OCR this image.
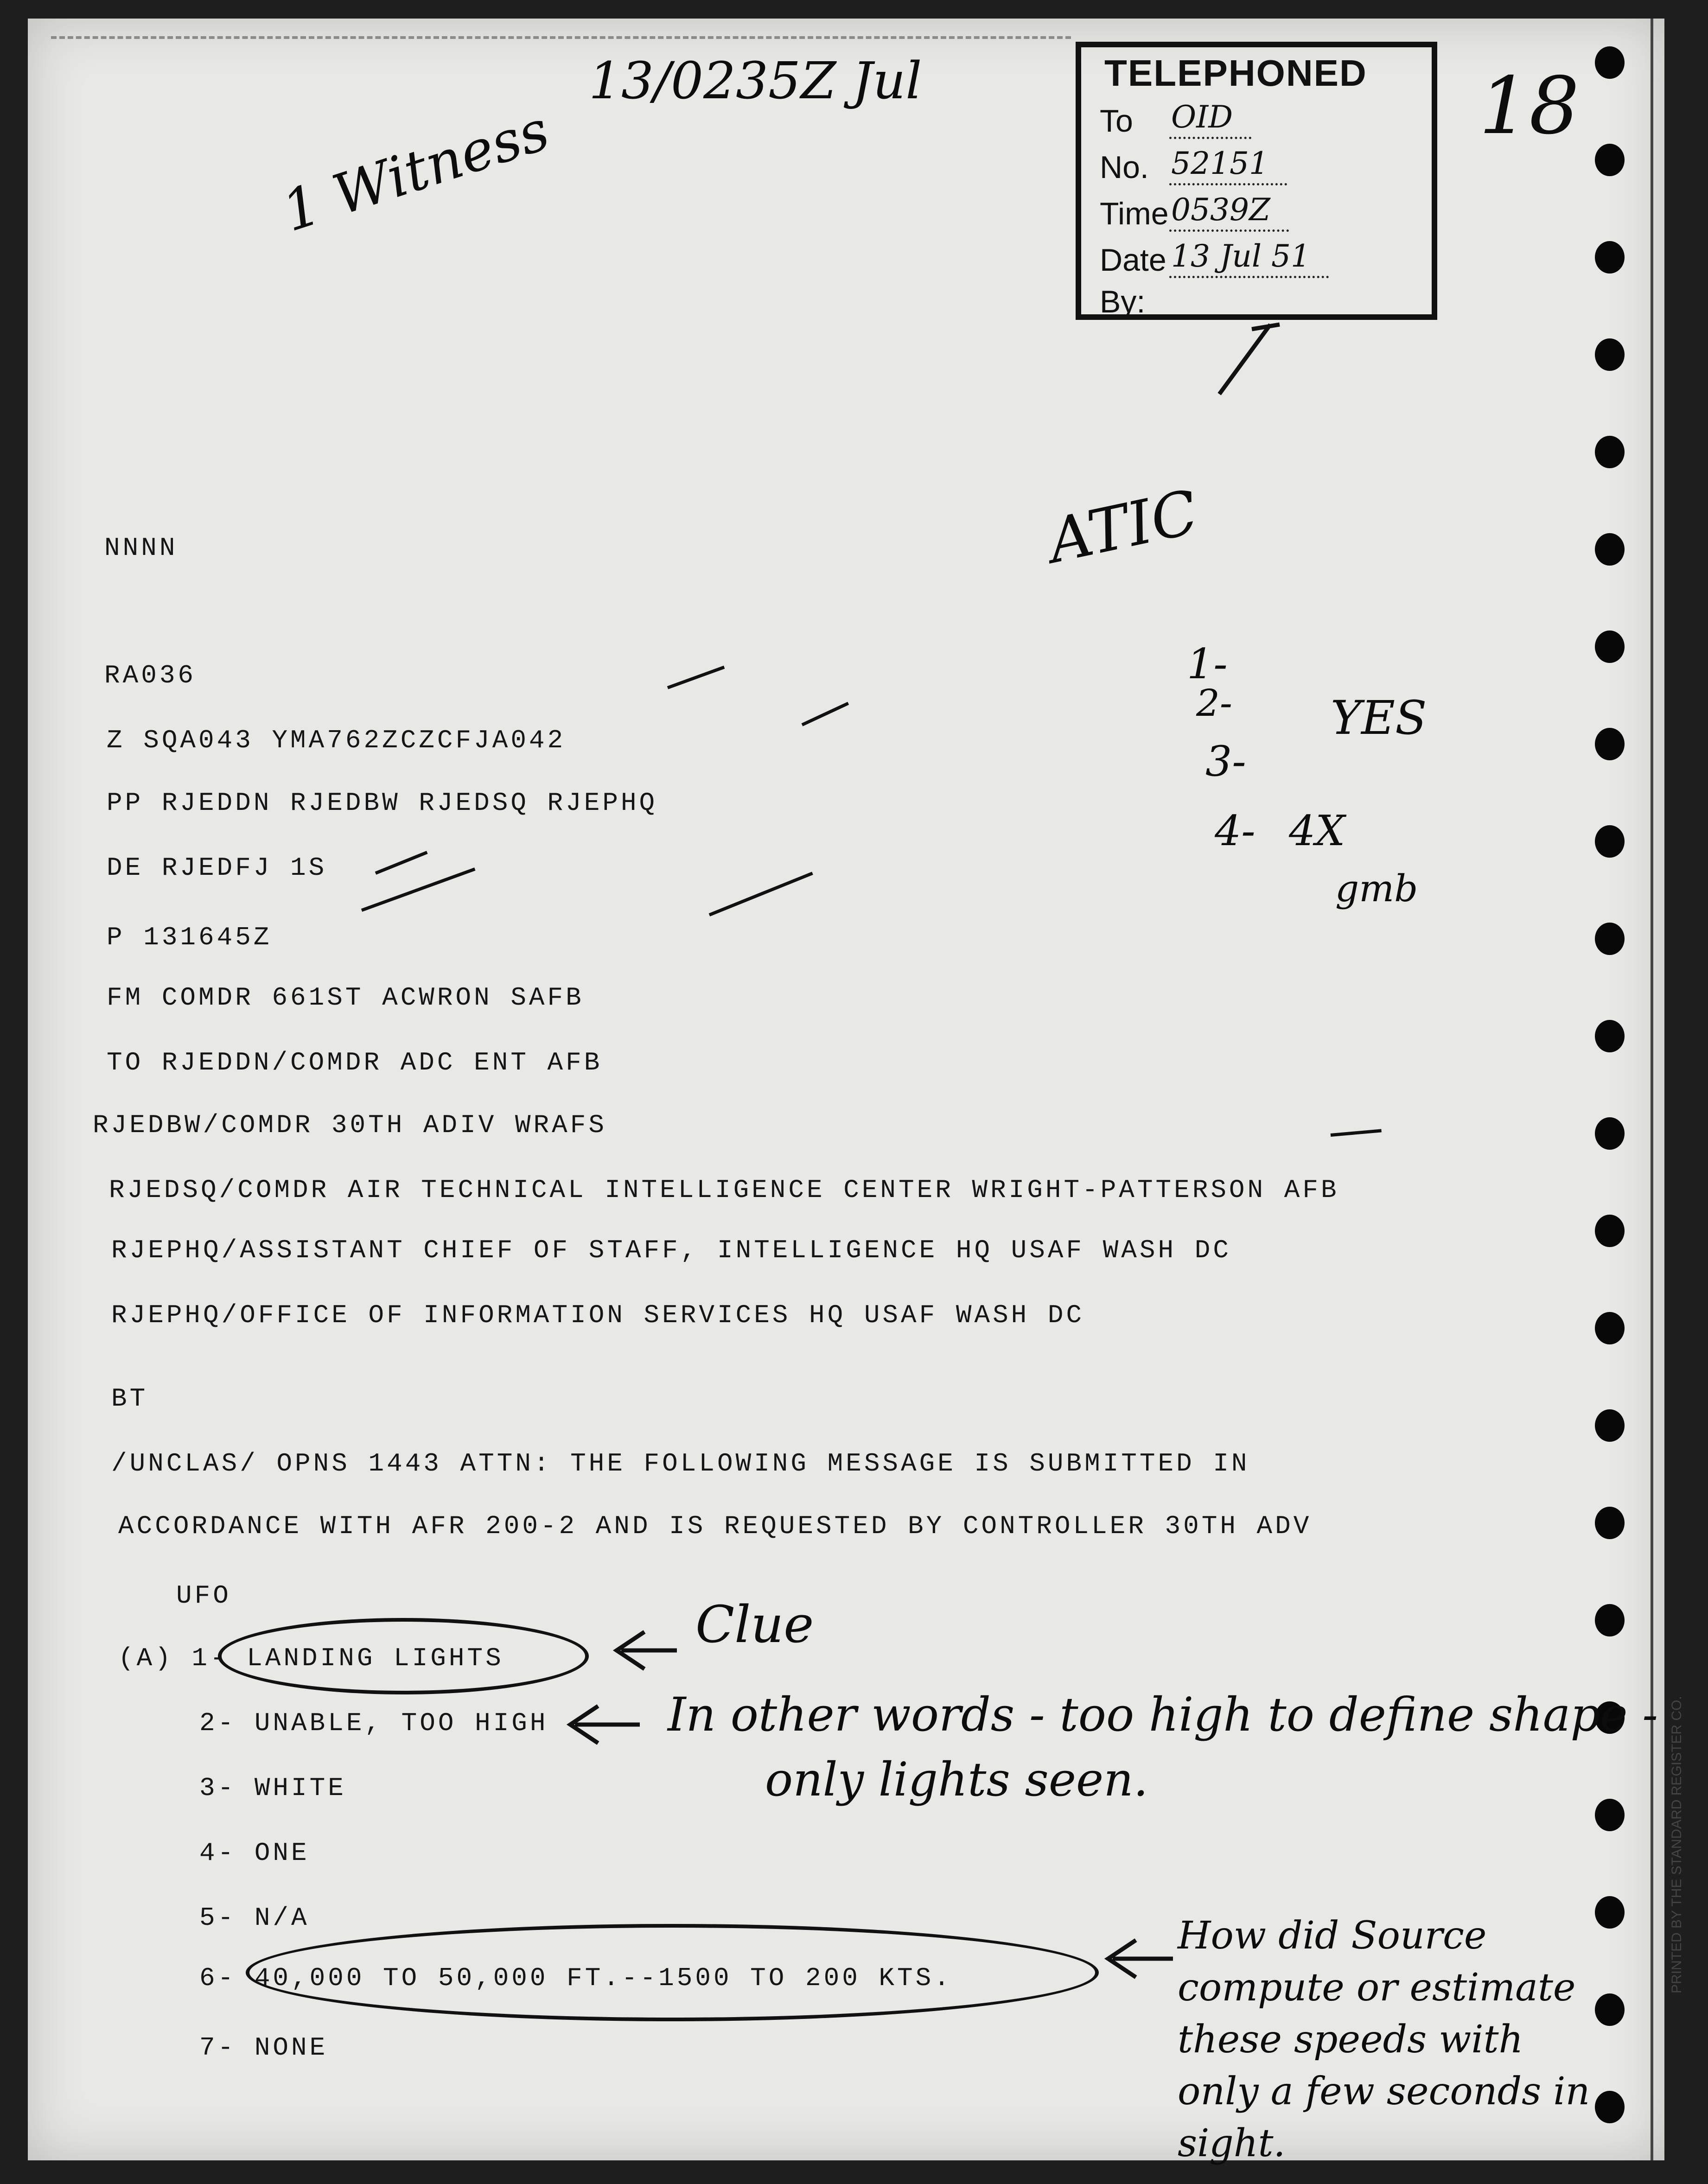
PRINTED BY THE STANDARD REGISTER CO.
13/0235Z Jul
1 Witness	18
ATIC
1-
2-
3-
4-
YES
4X
gmb
Clue
In other words - too high to define shape -
only lights seen.
How did Source compute or estimate these speeds with only a few seconds in sight.
TELEPHONED
To OID
No. 52151
Time 0539Z
Date 13 Jul 51
By:
NNNN
RA036
Z SQA043 YMA762ZCZCFJA042
PP RJEDDN RJEDBW RJEDSQ RJEPHQ
DE RJEDFJ 1S
P 131645Z
FM COMDR 661ST ACWRON SAFB
TO RJEDDN/COMDR ADC ENT AFB
RJEDBW/COMDR 30TH ADIV WRAFS
RJEDSQ/COMDR AIR TECHNICAL INTELLIGENCE CENTER WRIGHT-PATTERSON AFB
RJEPHQ/ASSISTANT CHIEF OF STAFF, INTELLIGENCE HQ USAF WASH DC
RJEPHQ/OFFICE OF INFORMATION SERVICES HQ USAF WASH DC
BT
/UNCLAS/ OPNS 1443 ATTN: THE FOLLOWING MESSAGE IS SUBMITTED IN
ACCORDANCE WITH AFR 200-2 AND IS REQUESTED BY CONTROLLER 30TH ADV
UFO
(A) 1- LANDING LIGHTS
2- UNABLE, TOO HIGH
3- WHITE
4- ONE
5- N/A
6- 40,000 TO 50,000 FT.--1500 TO 200 KTS.
7- NONE
